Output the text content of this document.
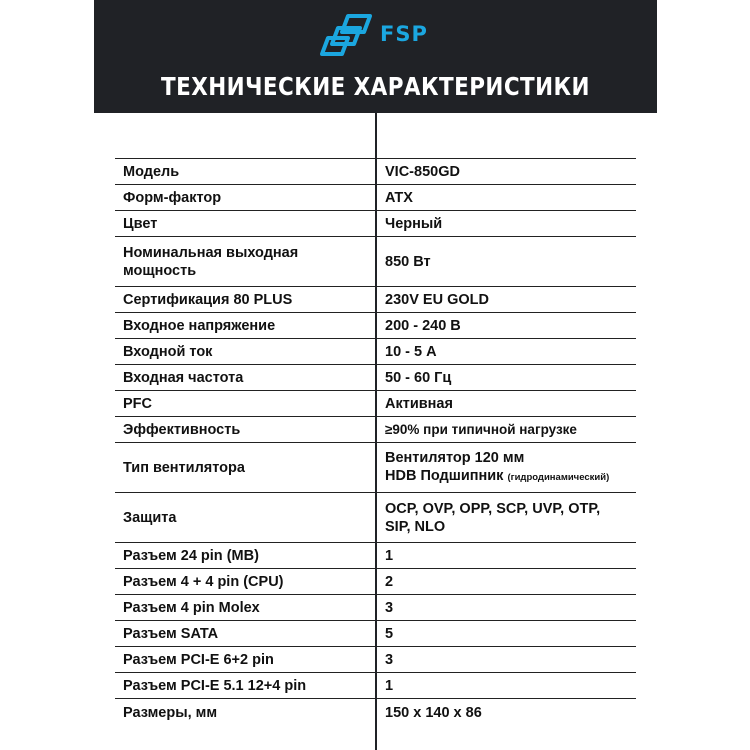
ТЕХНИЧЕСКИЕ ХАРАКТЕРИСТИКИ
FSP
Модель	VIC-850GD
Форм-фактор	ATX
Цвет	Черный
Номинальная выходная мощность	850 Вт
Сертификация 80 PLUS	230V EU GOLD
Входное напряжение	200 - 240 В
Входной ток	10 - 5 А
Входная частота	50 - 60 Гц
PFC	Активная
Эффективность	≥90% при типичной нагрузке
Тип вентилятора	Вентилятор 120 мм
HDB Подшипник (гидродинамический)

Защита	OCP, OVP, OPP, SCP, UVP, OTP, SIP, NLO
Разъем 24 pin (MB)	1
Разъем 4 + 4 pin (CPU)	2
Разъем 4 pin Molex	3
Разъем SATA	5
Разъем PCI-E 6+2 pin	3
Разъем PCI-E 5.1 12+4 pin	1
Размеры, мм	150 x 140 x 86
